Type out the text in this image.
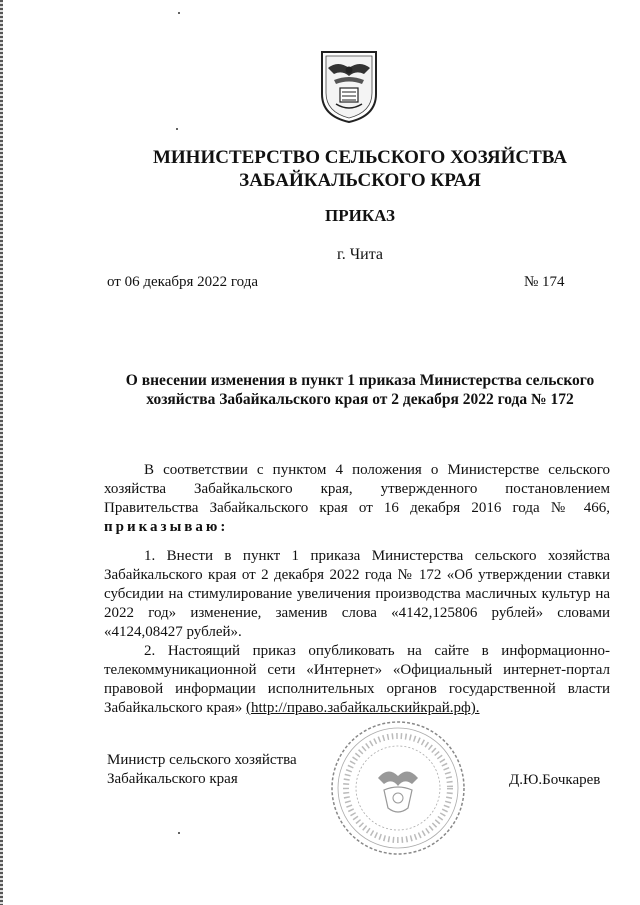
МИНИСТЕРСТВО СЕЛЬСКОГО ХОЗЯЙСТВА
ЗАБАЙКАЛЬСКОГО КРАЯ
ПРИКАЗ
г. Чита
от 06 декабря 2022 года	№ 174
О внесении изменения в пункт 1 приказа Министерства сельского
хозяйства Забайкальского края от 2 декабря 2022 года № 172

В соответствии с пунктом 4 положения о Министерстве сельского хозяйства Забайкальского края, утвержденного постановлением Правительства Забайкальского края от 16 декабря 2016 года № 466, приказываю:

1. Внести в пункт 1 приказа Министерства сельского хозяйства Забайкальского края от 2 декабря 2022 года № 172 «Об утверждении ставки субсидии на стимулирование увеличения производства масличных культур на 2022 год» изменение, заменив слова «4142,125806 рублей» словами «4124,08427 рублей».

2. Настоящий приказ опубликовать на сайте в информационно-телекоммуникационной сети «Интернет» «Официальный интернет-портал правовой информации исполнительных органов государственной власти Забайкальского края» (http://право.забайкальскийкрай.рф).

Министр сельского хозяйства
Забайкальского края	Д.Ю.Бочкарев
